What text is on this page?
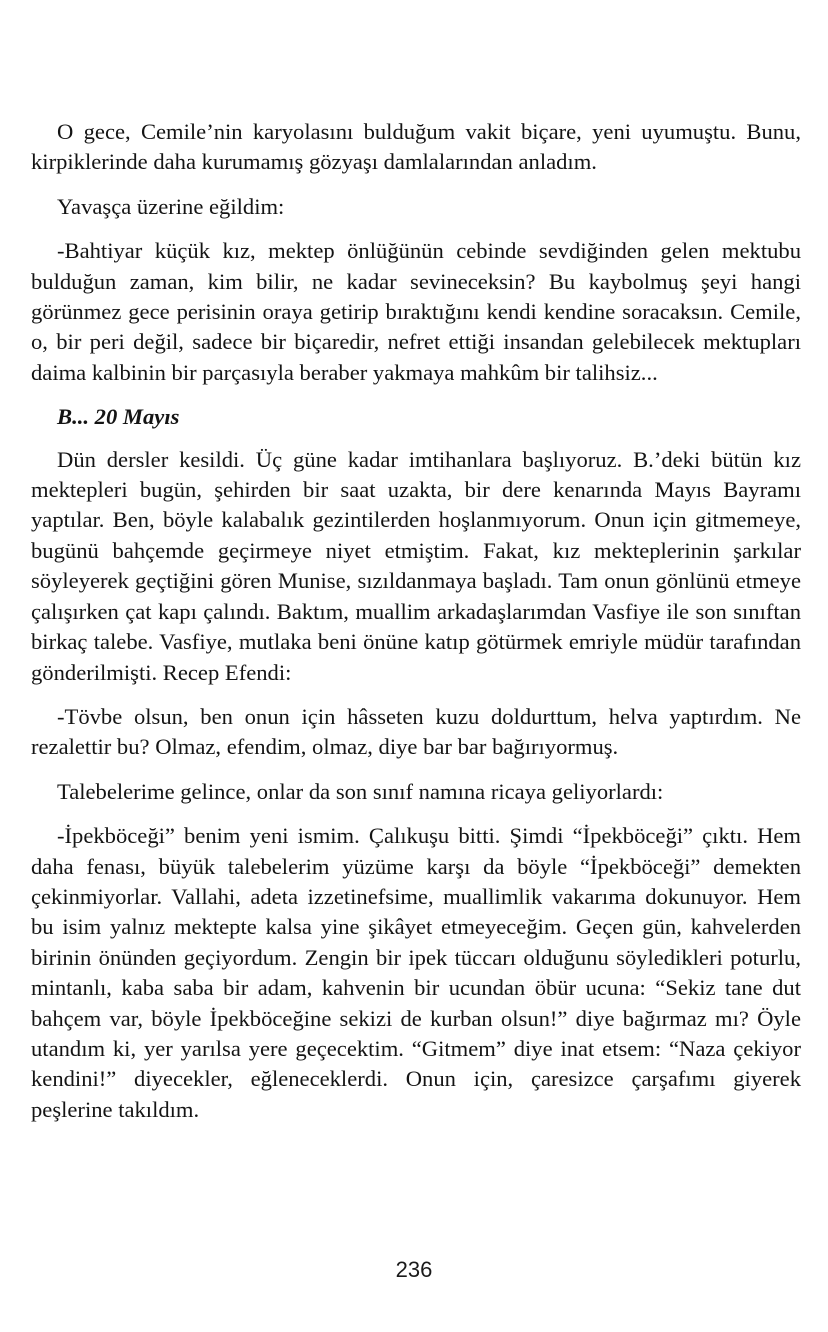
O gece, Cemile’nin karyolasını bulduğum vakit biçare, yeni uyumuştu. Bunu, kirpiklerinde daha kurumamış gözyaşı damlalarından anladım.

Yavaşça üzerine eğildim:

-Bahtiyar küçük kız, mektep önlüğünün cebinde sevdiğinden gelen mektubu bulduğun zaman, kim bilir, ne kadar sevineceksin? Bu kaybolmuş şeyi hangi görünmez gece perisinin oraya getirip bıraktığını kendi kendine soracaksın. Cemile, o, bir peri değil, sadece bir biçaredir, nefret ettiği insandan gelebilecek mektupları daima kalbinin bir parçasıyla beraber yakmaya mahkûm bir talihsiz...

B... 20 Mayıs

Dün dersler kesildi. Üç güne kadar imtihanlara başlıyoruz. B.’deki bütün kız mektepleri bugün, şehirden bir saat uzakta, bir dere kenarında Mayıs Bayramı yaptılar. Ben, böyle kalabalık gezintilerden hoşlanmıyorum. Onun için gitmemeye, bugünü bahçemde geçirmeye niyet etmiştim. Fakat, kız mekteplerinin şarkılar söyleyerek geçtiğini gören Munise, sızıldanmaya başladı. Tam onun gönlünü etmeye çalışırken çat kapı çalındı. Baktım, muallim arkadaşlarımdan Vasfiye ile son sınıftan birkaç talebe. Vasfiye, mutlaka beni önüne katıp götürmek emriyle müdür tarafından gönderilmişti. Recep Efendi:

-Tövbe olsun, ben onun için hâsseten kuzu doldurttum, helva yaptırdım. Ne rezalettir bu? Olmaz, efendim, olmaz, diye bar bar bağırıyormuş.

Talebelerime gelince, onlar da son sınıf namına ricaya geliyorlardı:

-İpekböceği” benim yeni ismim. Çalıkuşu bitti. Şimdi “İpekböceği” çıktı. Hem daha fenası, büyük talebelerim yüzüme karşı da böyle “İpekböceği” demekten çekinmiyorlar. Vallahi, adeta izzetinefsime, muallimlik vakarıma dokunuyor. Hem bu isim yalnız mektepte kalsa yine şikâyet etmeyeceğim. Geçen gün, kahvelerden birinin önünden geçiyordum. Zengin bir ipek tüccarı olduğunu söyledikleri poturlu, mintanlı, kaba saba bir adam, kahvenin bir ucundan öbür ucuna: “Sekiz tane dut bahçem var, böyle İpekböceğine sekizi de kurban olsun!” diye bağırmaz mı? Öyle utandım ki, yer yarılsa yere geçecektim. “Gitmem” diye inat etsem: “Naza çekiyor kendini!” diyecekler, eğleneceklerdi. Onun için, çaresizce çarşafımı giyerek peşlerine takıldım.

236
